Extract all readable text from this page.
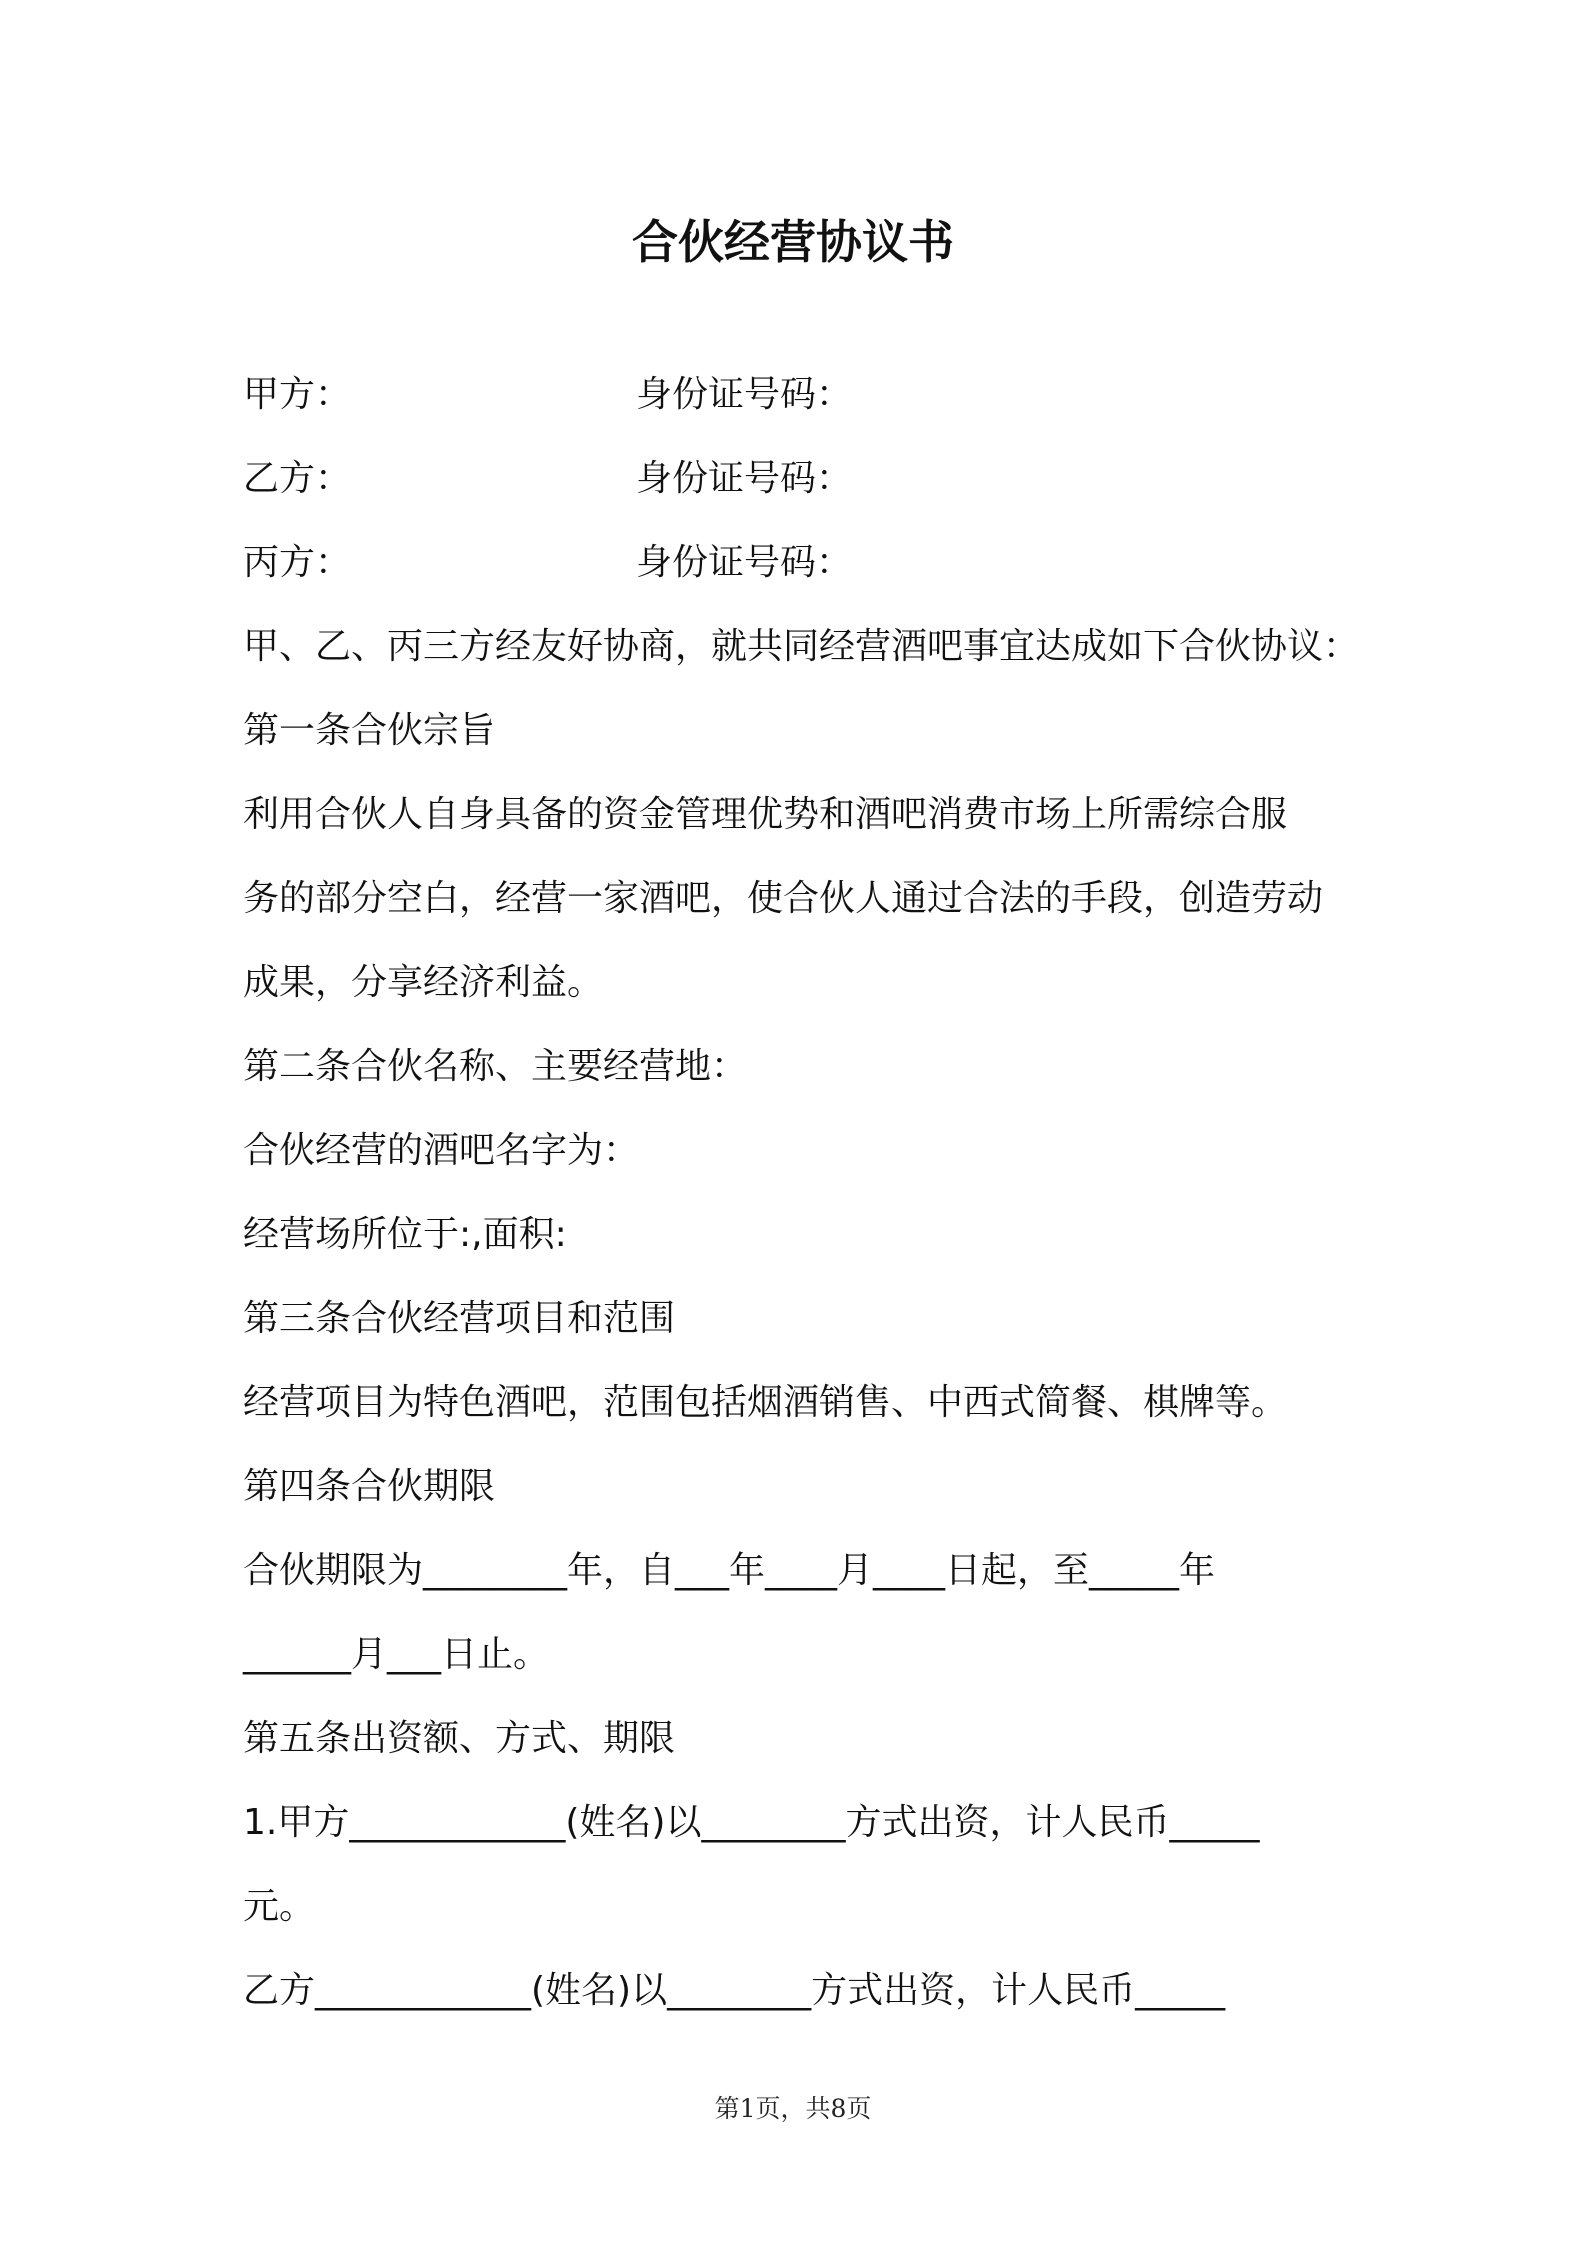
合伙经营协议书
甲方：	身份证号码：
乙方：	身份证号码：
丙方：	身份证号码：

甲、乙、丙三方经友好协商，就共同经营酒吧事宜达成如下合伙协议：

第一条合伙宗旨

利用合伙人自身具备的资金管理优势和酒吧消费市场上所需综合服

务的部分空白，经营一家酒吧，使合伙人通过合法的手段，创造劳动

成果，分享经济利益。

第二条合伙名称、主要经营地：

合伙经营的酒吧名字为：

经营场所位于:,面积:

第三条合伙经营项目和范围

经营项目为特色酒吧，范围包括烟酒销售、中西式简餐、棋牌等。

第四条合伙期限

合伙期限为________年，自___年____月____日起，至_____年

______月___日止。

第五条出资额、方式、期限

1.甲方____________(姓名)以________方式出资，计人民币_____

元。

乙方____________(姓名)以________方式出资，计人民币_____

第1页，共8页
